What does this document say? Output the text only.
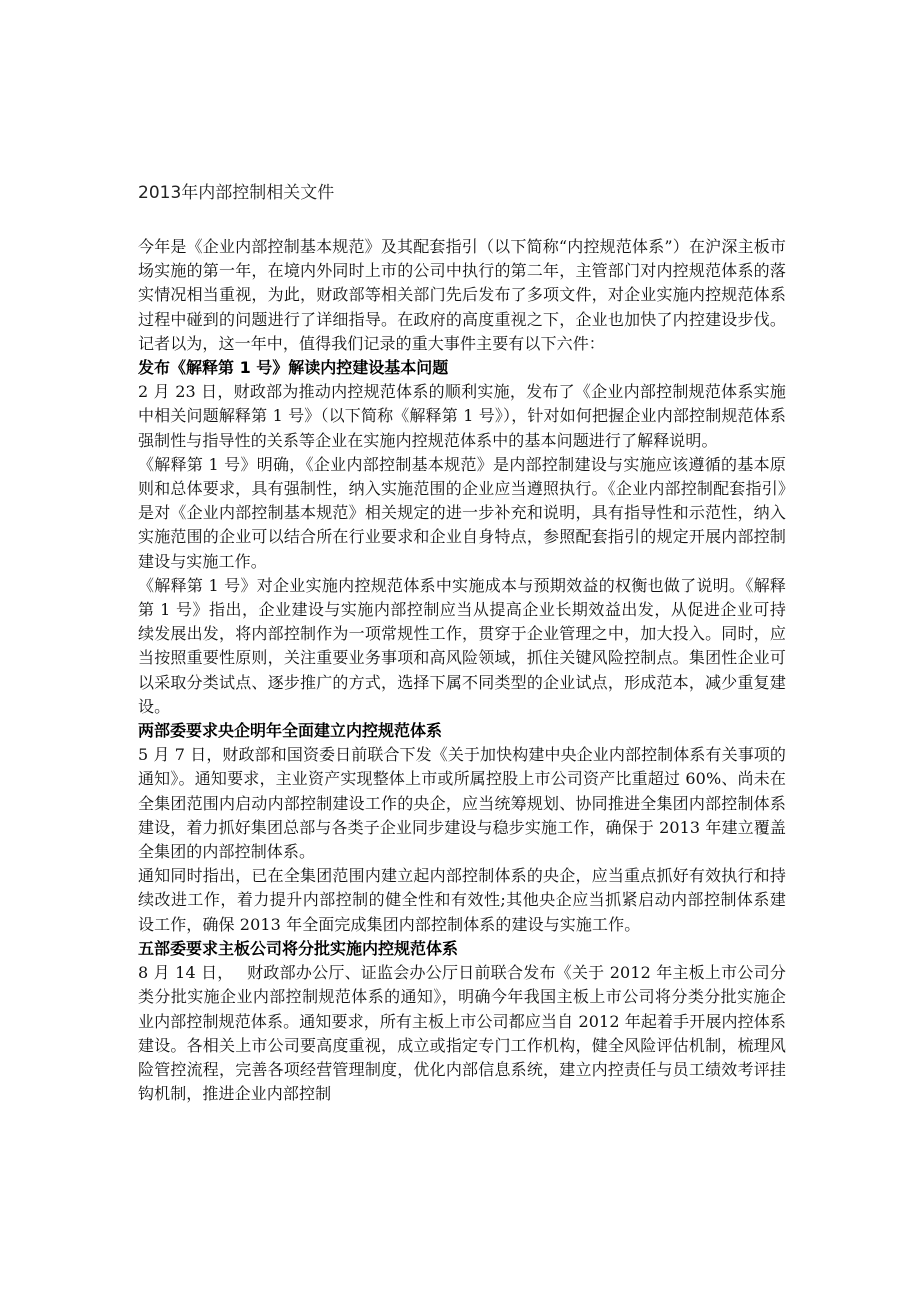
2013年内部控制相关文件

今年是《企业内部控制基本规范》及其配套指引（以下简称“内控规范体系”）在沪深主板市场实施的第一年，在境内外同时上市的公司中执行的第二年，主管部门对内控规范体系的落实情况相当重视，为此，财政部等相关部门先后发布了多项文件，对企业实施内控规范体系过程中碰到的问题进行了详细指导。在政府的高度重视之下，企业也加快了内控建设步伐。记者以为，这一年中，值得我们记录的重大事件主要有以下六件：

发布《解释第 1 号》解读内控建设基本问题

2 月 23 日，财政部为推动内控规范体系的顺利实施，发布了《企业内部控制规范体系实施中相关问题解释第 1 号》（以下简称《解释第 1 号》），针对如何把握企业内部控制规范体系强制性与指导性的关系等企业在实施内控规范体系中的基本问题进行了解释说明。

《解释第 1 号》明确，《企业内部控制基本规范》是内部控制建设与实施应该遵循的基本原则和总体要求，具有强制性，纳入实施范围的企业应当遵照执行。《企业内部控制配套指引》是对《企业内部控制基本规范》相关规定的进一步补充和说明，具有指导性和示范性，纳入实施范围的企业可以结合所在行业要求和企业自身特点，参照配套指引的规定开展内部控制建设与实施工作。

《解释第 1 号》对企业实施内控规范体系中实施成本与预期效益的权衡也做了说明。《解释第 1 号》指出，企业建设与实施内部控制应当从提高企业长期效益出发，从促进企业可持续发展出发，将内部控制作为一项常规性工作，贯穿于企业管理之中，加大投入。同时，应当按照重要性原则，关注重要业务事项和高风险领域，抓住关键风险控制点。集团性企业可以采取分类试点、逐步推广的方式，选择下属不同类型的企业试点，形成范本，减少重复建设。

两部委要求央企明年全面建立内控规范体系

5 月 7 日，财政部和国资委日前联合下发《关于加快构建中央企业内部控制体系有关事项的通知》。通知要求，主业资产实现整体上市或所属控股上市公司资产比重超过 60%、尚未在全集团范围内启动内部控制建设工作的央企，应当统筹规划、协同推进全集团内部控制体系建设，着力抓好集团总部与各类子企业同步建设与稳步实施工作，确保于 2013 年建立覆盖全集团的内部控制体系。

通知同时指出，已在全集团范围内建立起内部控制体系的央企，应当重点抓好有效执行和持续改进工作，着力提升内部控制的健全性和有效性;其他央企应当抓紧启动内部控制体系建设工作，确保 2013 年全面完成集团内部控制体系的建设与实施工作。

五部委要求主板公司将分批实施内控规范体系

8 月 14 日，　 财政部办公厅、证监会办公厅日前联合发布《关于 2012 年主板上市公司分类分批实施企业内部控制规范体系的通知》，明确今年我国主板上市公司将分类分批实施企业内部控制规范体系。通知要求，所有主板上市公司都应当自 2012 年起着手开展内控体系建设。各相关上市公司要高度重视，成立或指定专门工作机构，健全风险评估机制，梳理风险管控流程，完善各项经营管理制度，优化内部信息系统，建立内控责任与员工绩效考评挂钩机制，推进企业内部控制
